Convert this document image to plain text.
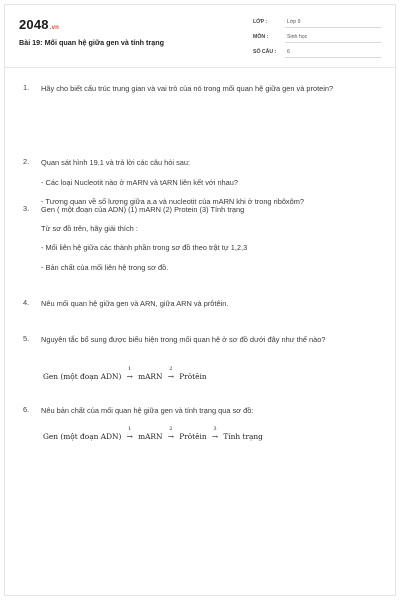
2048.vn
Bài 19: Mối quan hệ giữa gen và tính trạng
LỚP :	Lớp 9
MÔN :	Sinh học
SỐ CÂU :	6
1. Hãy cho biết cấu trúc trung gian và vai trò của nó trong mối quan hệ giữa gen và protein?
2. Quan sát hình 19.1 và trả lời các câu hỏi sau:
- Các loại Nucleotit nào ở mARN và tARN liên kết với nhau?
- Tương quan về số lượng giữa a.a và nucleotit của mARN khi ở trong ribôxôm?
3. Gen ( một đoạn của ADN) (1) mARN (2) Protein (3) Tính trạng
Từ sơ đồ trên, hãy giải thích :
- Mối liên hệ giữa các thành phần trong sơ đồ theo trật tự 1,2,3
- Bản chất của mối liên hệ trong sơ đồ.
4. Nêu mối quan hệ giữa gen và ARN, giữa ARN và prôtêin.
5. Nguyên tắc bổ sung được biểu hiện trong mối quan hệ ở sơ đồ dưới đây như thế nào?
Gen (một đoạn ADN)
1
→ mARN
2
→ Prôtêin
6. Nêu bản chất của mối quan hệ giữa gen và tính trạng qua sơ đồ:
Gen (một đoạn ADN)
1
→ mARN
2
→ Prôtêin
3
→ Tính trạng
